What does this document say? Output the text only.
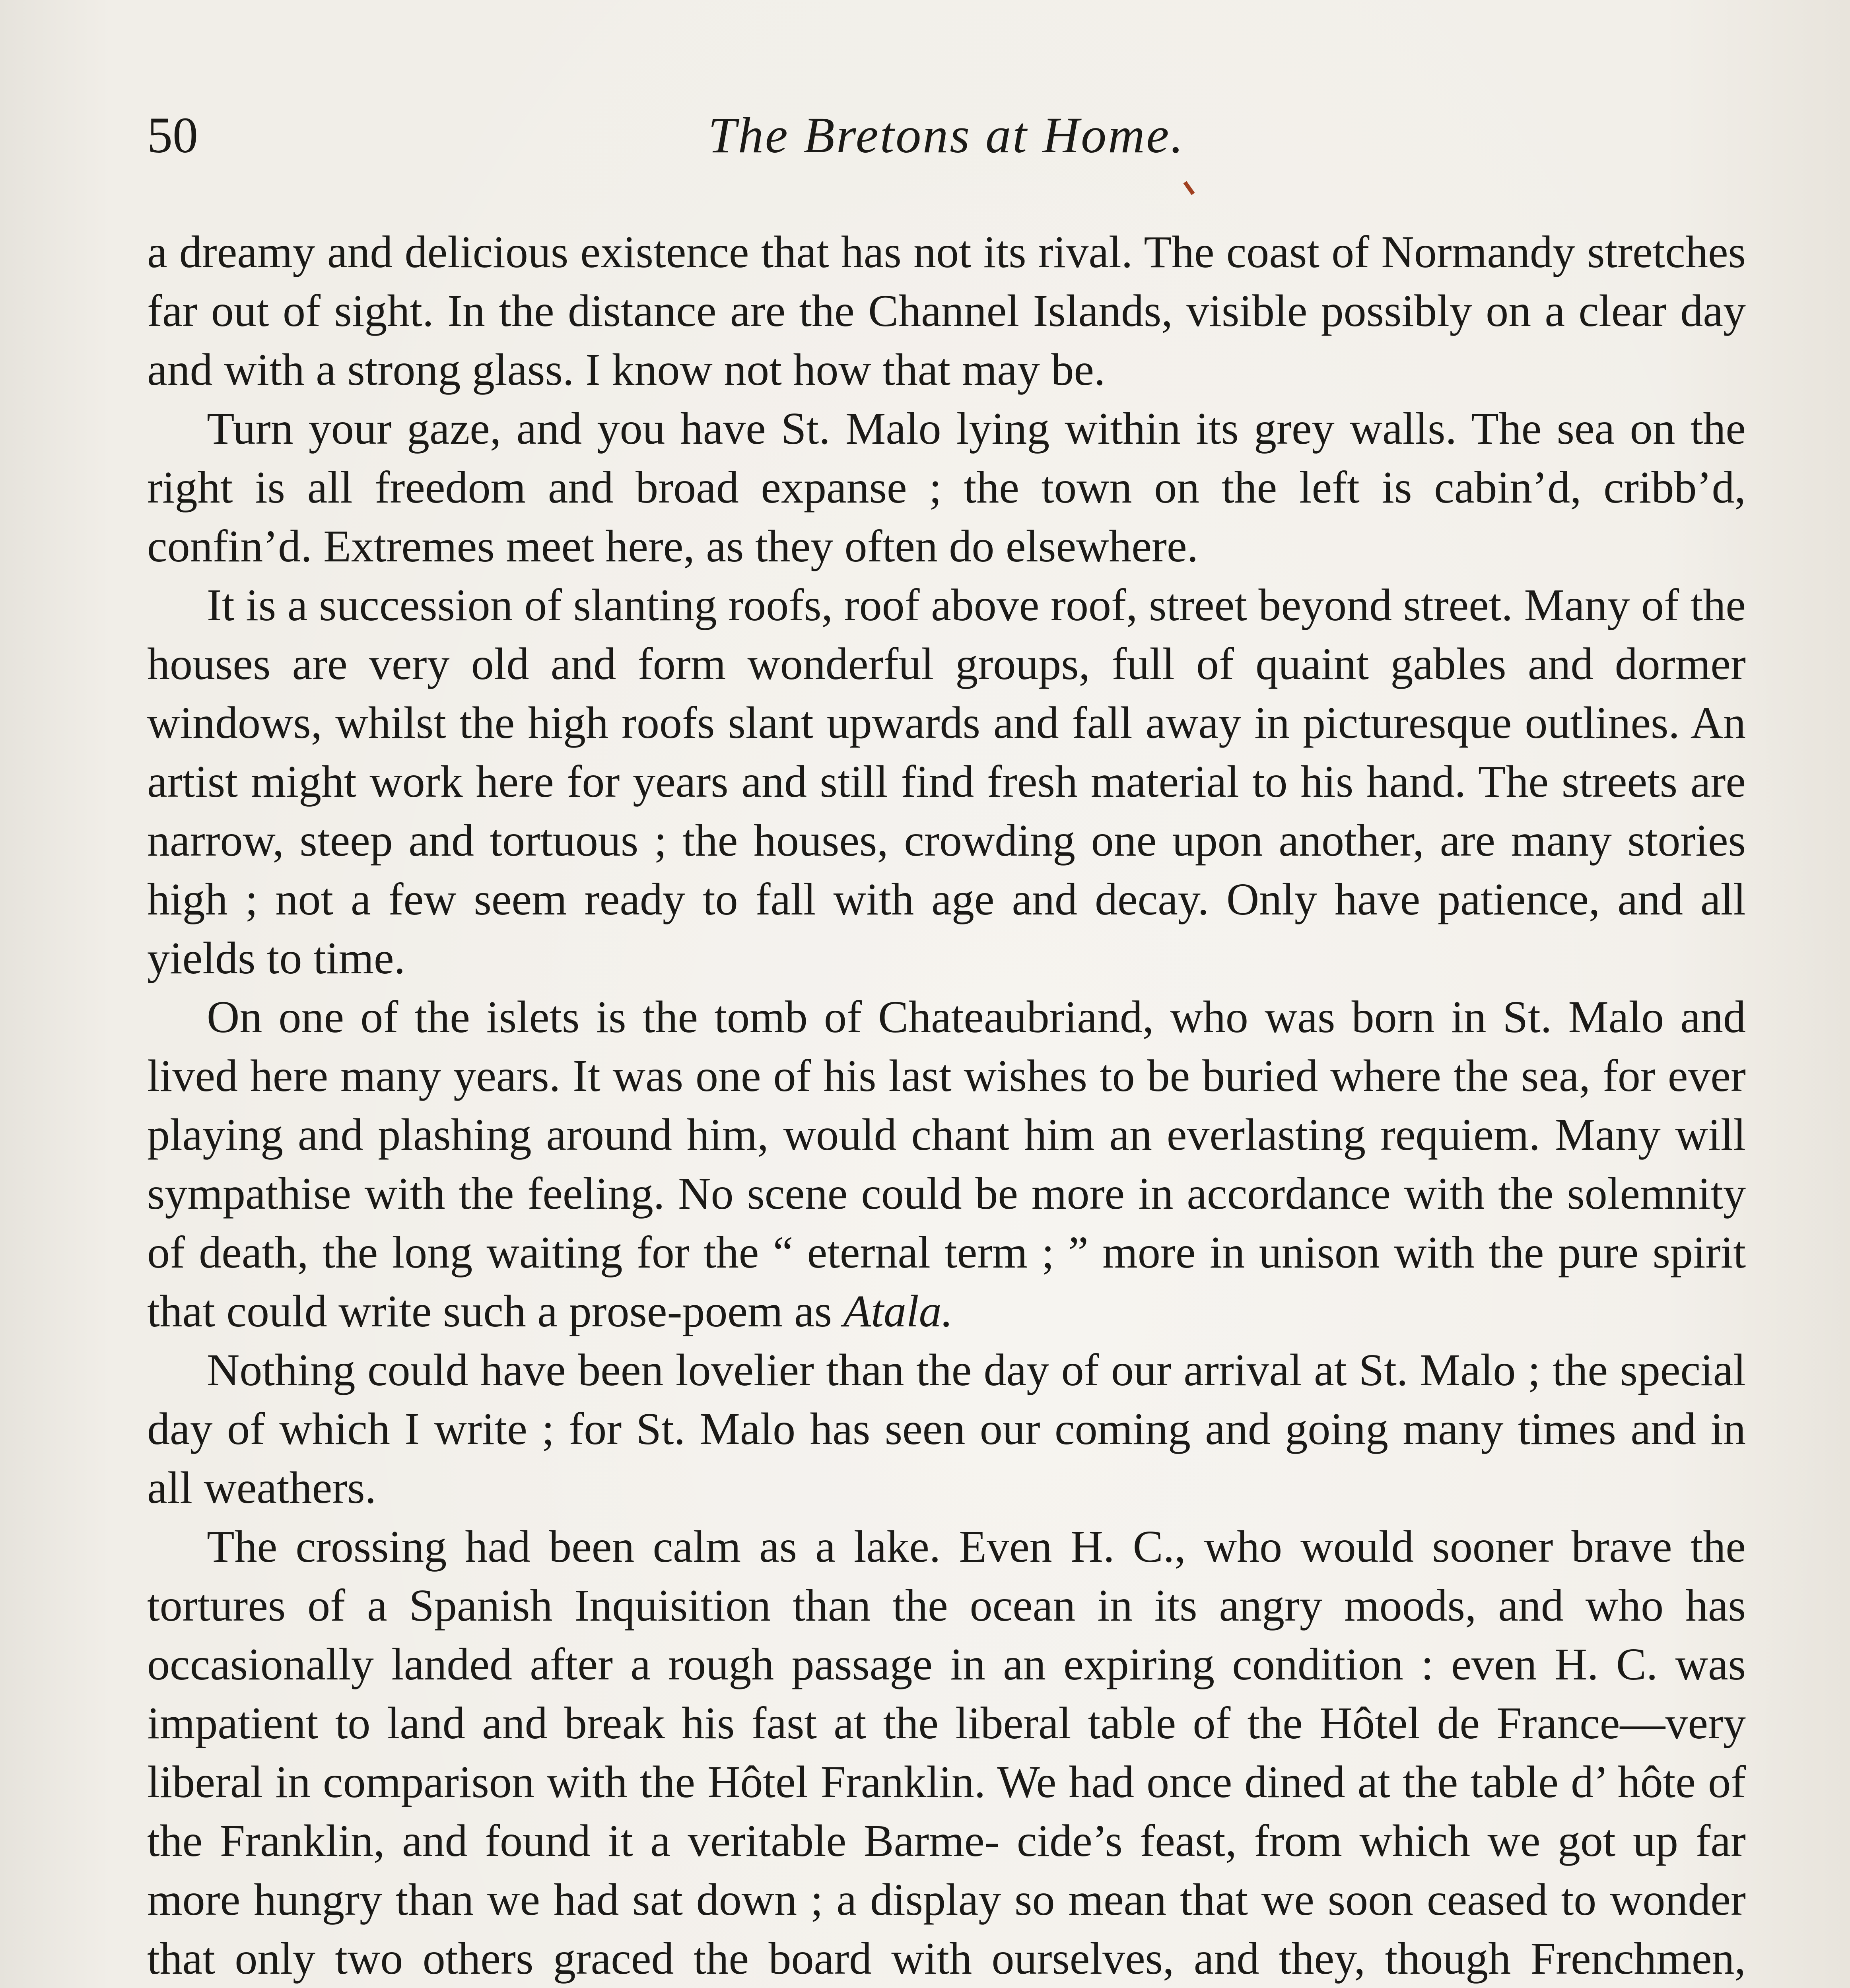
50	The Bretons at Home.

a dreamy and delicious existence that has not its rival. The coast of Normandy stretches far out of sight. In the distance are the Channel Islands, visible possibly on a clear day and with a strong glass. I know not how that may be.

Turn your gaze, and you have St. Malo lying within its grey walls. The sea on the right is all freedom and broad expanse ; the town on the left is cabin’d, cribb’d, confin’d. Extremes meet here, as they often do elsewhere.

It is a succession of slanting roofs, roof above roof, street beyond street. Many of the houses are very old and form wonderful groups, full of quaint gables and dormer windows, whilst the high roofs slant upwards and fall away in picturesque outlines. An artist might work here for years and still find fresh material to his hand. The streets are narrow, steep and tortuous ; the houses, crowding one upon another, are many stories high ; not a few seem ready to fall with age and decay. Only have patience, and all yields to time.

On one of the islets is the tomb of Chateaubriand, who was born in St. Malo and lived here many years. It was one of his last wishes to be buried where the sea, for ever playing and plashing around him, would chant him an everlasting requiem. Many will sympathise with the feeling. No scene could be more in accordance with the solemnity of death, the long waiting for the “ eternal term ; ” more in unison with the pure spirit that could write such a prose-poem as Atala.

Nothing could have been lovelier than the day of our arrival at St. Malo ; the special day of which I write ; for St. Malo has seen our coming and going many times and in all weathers.

The crossing had been calm as a lake. Even H. C., who would sooner brave the tortures of a Spanish Inquisition than the ocean in its angry moods, and who has occasionally landed after a rough passage in an expiring condition : even H. C. was impatient to land and break his fast at the liberal table of the Hôtel de France—very liberal in comparison with the Hôtel Franklin. We had once dined at the table d’ hôte of the Franklin, and found it a veritable Barme- cide’s feast, from which we got up far more hungry than we had sat down ; a display so mean that we soon ceased to wonder that only two others graced the board with ourselves, and they, though Frenchmen,
